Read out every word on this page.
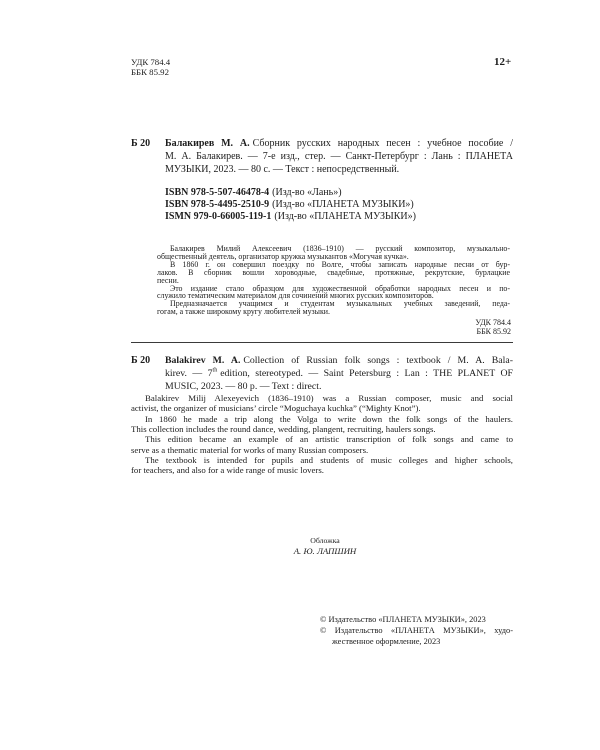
УДК 784.4
ББК 85.92
12+
Б 20 Балакирев М. А. Сборник русских народных песен : учебное пособие /
М. А. Балакирев. — 7-е изд., стер. — Санкт-Петербург : Лань : ПЛАНЕТА
МУЗЫКИ, 2023. — 80 с. — Текст : непосредственный.
ISBN 978-5-507-46478-4 (Изд-во «Лань»)
ISBN 978-5-4495-2510-9 (Изд-во «ПЛАНЕТА МУЗЫКИ»)
ISMN 979-0-66005-119-1 (Изд-во «ПЛАНЕТА МУЗЫКИ»)
Балакирев Милий Алексеевич (1836–1910) — русский композитор, музыкально-
общественный деятель, организатор кружка музыкантов «Могучая кучка».
В 1860 г. он совершил поездку по Волге, чтобы записать народные песни от бур-
лаков. В сборник вошли хороводные, свадебные, протяжные, рекрутские, бурлацкие
песни.
Это издание стало образцом для художественной обработки народных песен и по-
служило тематическим материалом для сочинений многих русских композиторов.
Предназначается учащимся и студентам музыкальных учебных заведений, педа-
гогам, а также широкому кругу любителей музыки.
УДК 784.4
ББК 85.92
Б 20 Balakirev M. A. Collection of Russian folk songs : textbook / M. A. Bala-
kirev. — 7th edition, stereotyped. — Saint Petersburg : Lan : THE PLANET OF
MUSIC, 2023. — 80 p. — Text : direct.
Balakirev Milij Alexeyevich (1836–1910) was a Russian composer, music and social
activist, the organizer of musicians’ circle “Moguchaya kuchka” (“Mighty Knot”).
In 1860 he made a trip along the Volga to write down the folk songs of the haulers.
This collection includes the round dance, wedding, plangent, recruiting, haulers songs.
This edition became an example of an artistic transcription of folk songs and came to
serve as a thematic material for works of many Russian composers.
The textbook is intended for pupils and students of music colleges and higher schools,
for teachers, and also for a wide range of music lovers.
Обложка
А. Ю. ЛАПШИН
© Издательство «ПЛАНЕТА МУЗЫКИ», 2023
© Издательство «ПЛАНЕТА МУЗЫКИ», худо-
жественное оформление, 2023
